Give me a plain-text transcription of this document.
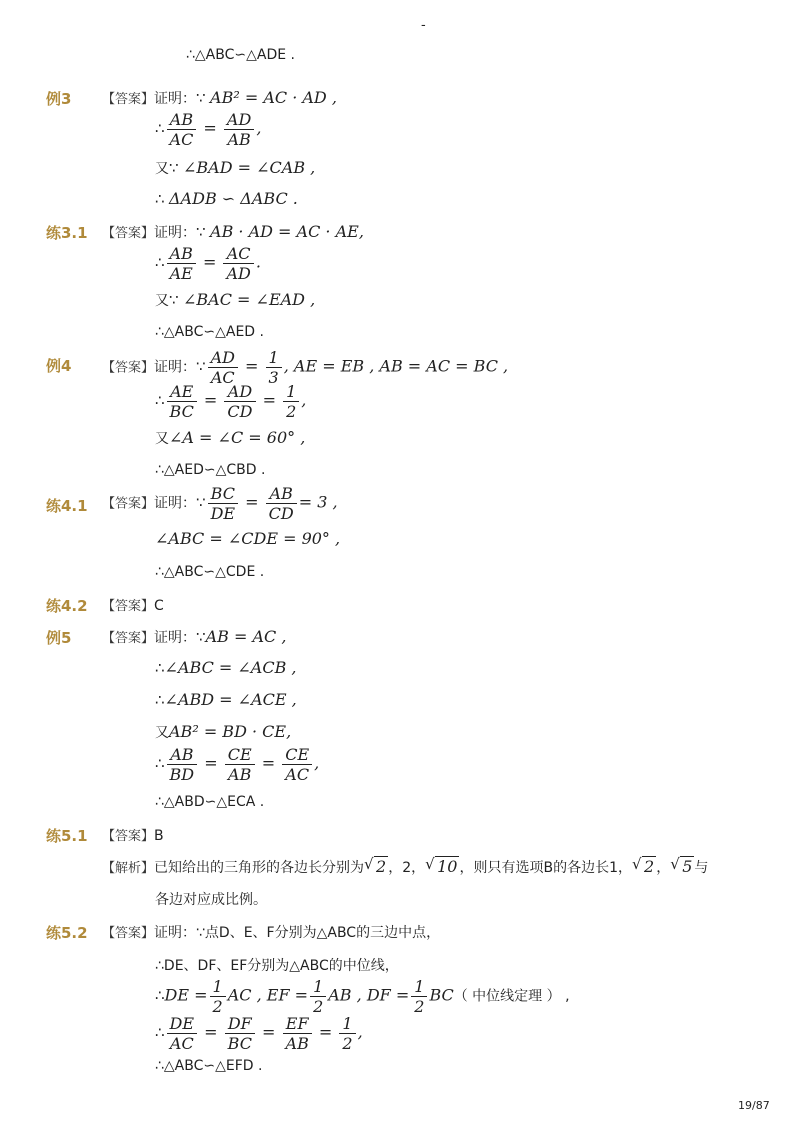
-
19/87
∴△ABC∽△ADE .
例3 【答案】证明：∵ AB² = AC · AD ,
∴ $\frac{AB}{AC} = \frac{AD}{AB}$ ,
又∵ ∠BAD = ∠CAB ,
∴ ΔADB ∽ ΔABC .
练3.1 【答案】证明：∵ AB · AD = AC · AE,
∴ $\frac{AB}{AE} = \frac{AC}{AD}$ .
又∵ ∠BAC = ∠EAD ,
∴△ABC∽△AED .
例4 【答案】证明：∵ $\frac{AD}{AC} = \frac{1}{3}$ , AE = EB , AB = AC = BC ,
∴ $\frac{AE}{BC} = \frac{AD}{CD} = \frac{1}{2}$ ,
又∠A = ∠C = 60° ,
∴△AED∽△CBD .
练4.1 【答案】证明：∵ $\frac{BC}{DE} = \frac{AB}{CD} = 3$ ,
∠ABC = ∠CDE = 90° ,
∴△ABC∽△CDE .
练4.2 【答案】C
例5 【答案】证明：∵AB = AC ,
∴∠ABC = ∠ACB ,
∴∠ABD = ∠ACE ,
又AB² = BD · CE,
∴ $\frac{AB}{BD} = \frac{CE}{AB} = \frac{CE}{AC}$ ,
∴△ABD∽△ECA .
练5.1 【答案】B
【解析】已知给出的三角形的各边长分别为 √ 2 ，2， √ 10 ，则只有选项B的各边长1， √ 2 ， √ 5 与
各边对应成比例。
练5.2 【答案】证明：∵点D、E、F分别为△ABC的三边中点，
∴DE、DF、EF分别为△ABC的中位线，
∴DE = $\frac{1}{2}$ AC , EF = $\frac{1}{2}$ AB , DF = $\frac{1}{2} BC$（ 中位线定理 ） ,
∴ $\frac{DE}{AC} = \frac{DF}{BC} = \frac{EF}{AB} = \frac{1}{2}$ ,
∴△ABC∽△EFD .
